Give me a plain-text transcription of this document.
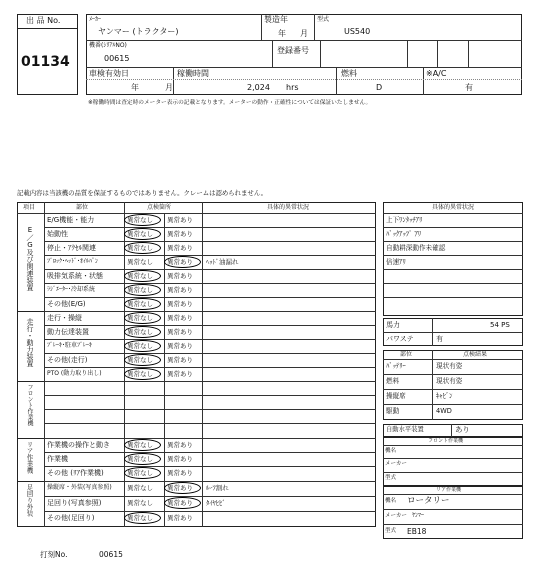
出 品 No.
01134
ﾒｰｶｰ
ヤンマー (トラクター)
製造年
年 月
型式
US540
機番(ｼﾘｱﾙNO)
00615
登録番号
車検有効日
年	月
稼働時間
2,024 hrs
燃料
D
※A/C
有
※稼働時間は査定時のメーター表示の記載となります。メーターの動作・正確性については保証いたしません。
記載内容は当該機の品質を保証するものではありません。クレームは認められません。
項目	部位	点検箇所	具体的異常状況
E／G及び関連装置
走行・動力装置
フロント作業機
リア作業機
足回り外装
E/G機能・能力	異常なし 異常あり
始動性	異常なし 異常あり
停止・ｱｸｾﾙ関連	異常なし 異常あり
ﾌﾞﾛｯｸ･ﾍｯﾄﾞ･ｵｲﾙﾊﾟﾝ	異常なし 異常あり ﾍｯﾄﾞ油漏れ
吸排気系統・状態	異常なし 異常あり
ﾗｼﾞｴｰﾀｰ･冷却系統	異常なし 異常あり
その他(E/G)	異常なし 異常あり
走行・操縦	異常なし 異常あり
動力伝達装置	異常なし 異常あり
ﾌﾞﾚｰｷ･駐車ﾌﾞﾚｰｷ	異常なし 異常あり
その他(走行)	異常なし 異常あり
PTO (動力取り出し)	異常なし 異常あり
作業機の操作と動き	異常なし 異常あり
作業機	異常なし 異常あり
その他 (ﾘｱ作業機)	異常なし 異常あり
操縦席・外装(写真参照) 異常なし 異常あり ﾙｰﾌ割れ
足回り(写真参照)	異常なし 異常あり ﾀｲﾔﾋﾋﾞ
その他(足回り)	異常なし 異常あり
具体的異常状況
上下ﾜﾝﾀｯﾁｱﾘ
ﾊﾞｯｸｱｯﾌﾟ ｱﾘ
自動耕深動作未確認
倍速ｱﾘ
馬力	54 PS
パワステ	有
部位	点検結果
ﾊﾞｯﾃﾘｰ	現状有姿
燃料	現状有姿
操縦席	ｷｬﾋﾞﾝ
駆動	4WD
自動水平装置	あり
フロント作業機
機名
メーカー
型式
リア作業機
機名 ロータリー
メーカー ﾔﾝﾏｰ
型式 EB18
打刻No.	00615
